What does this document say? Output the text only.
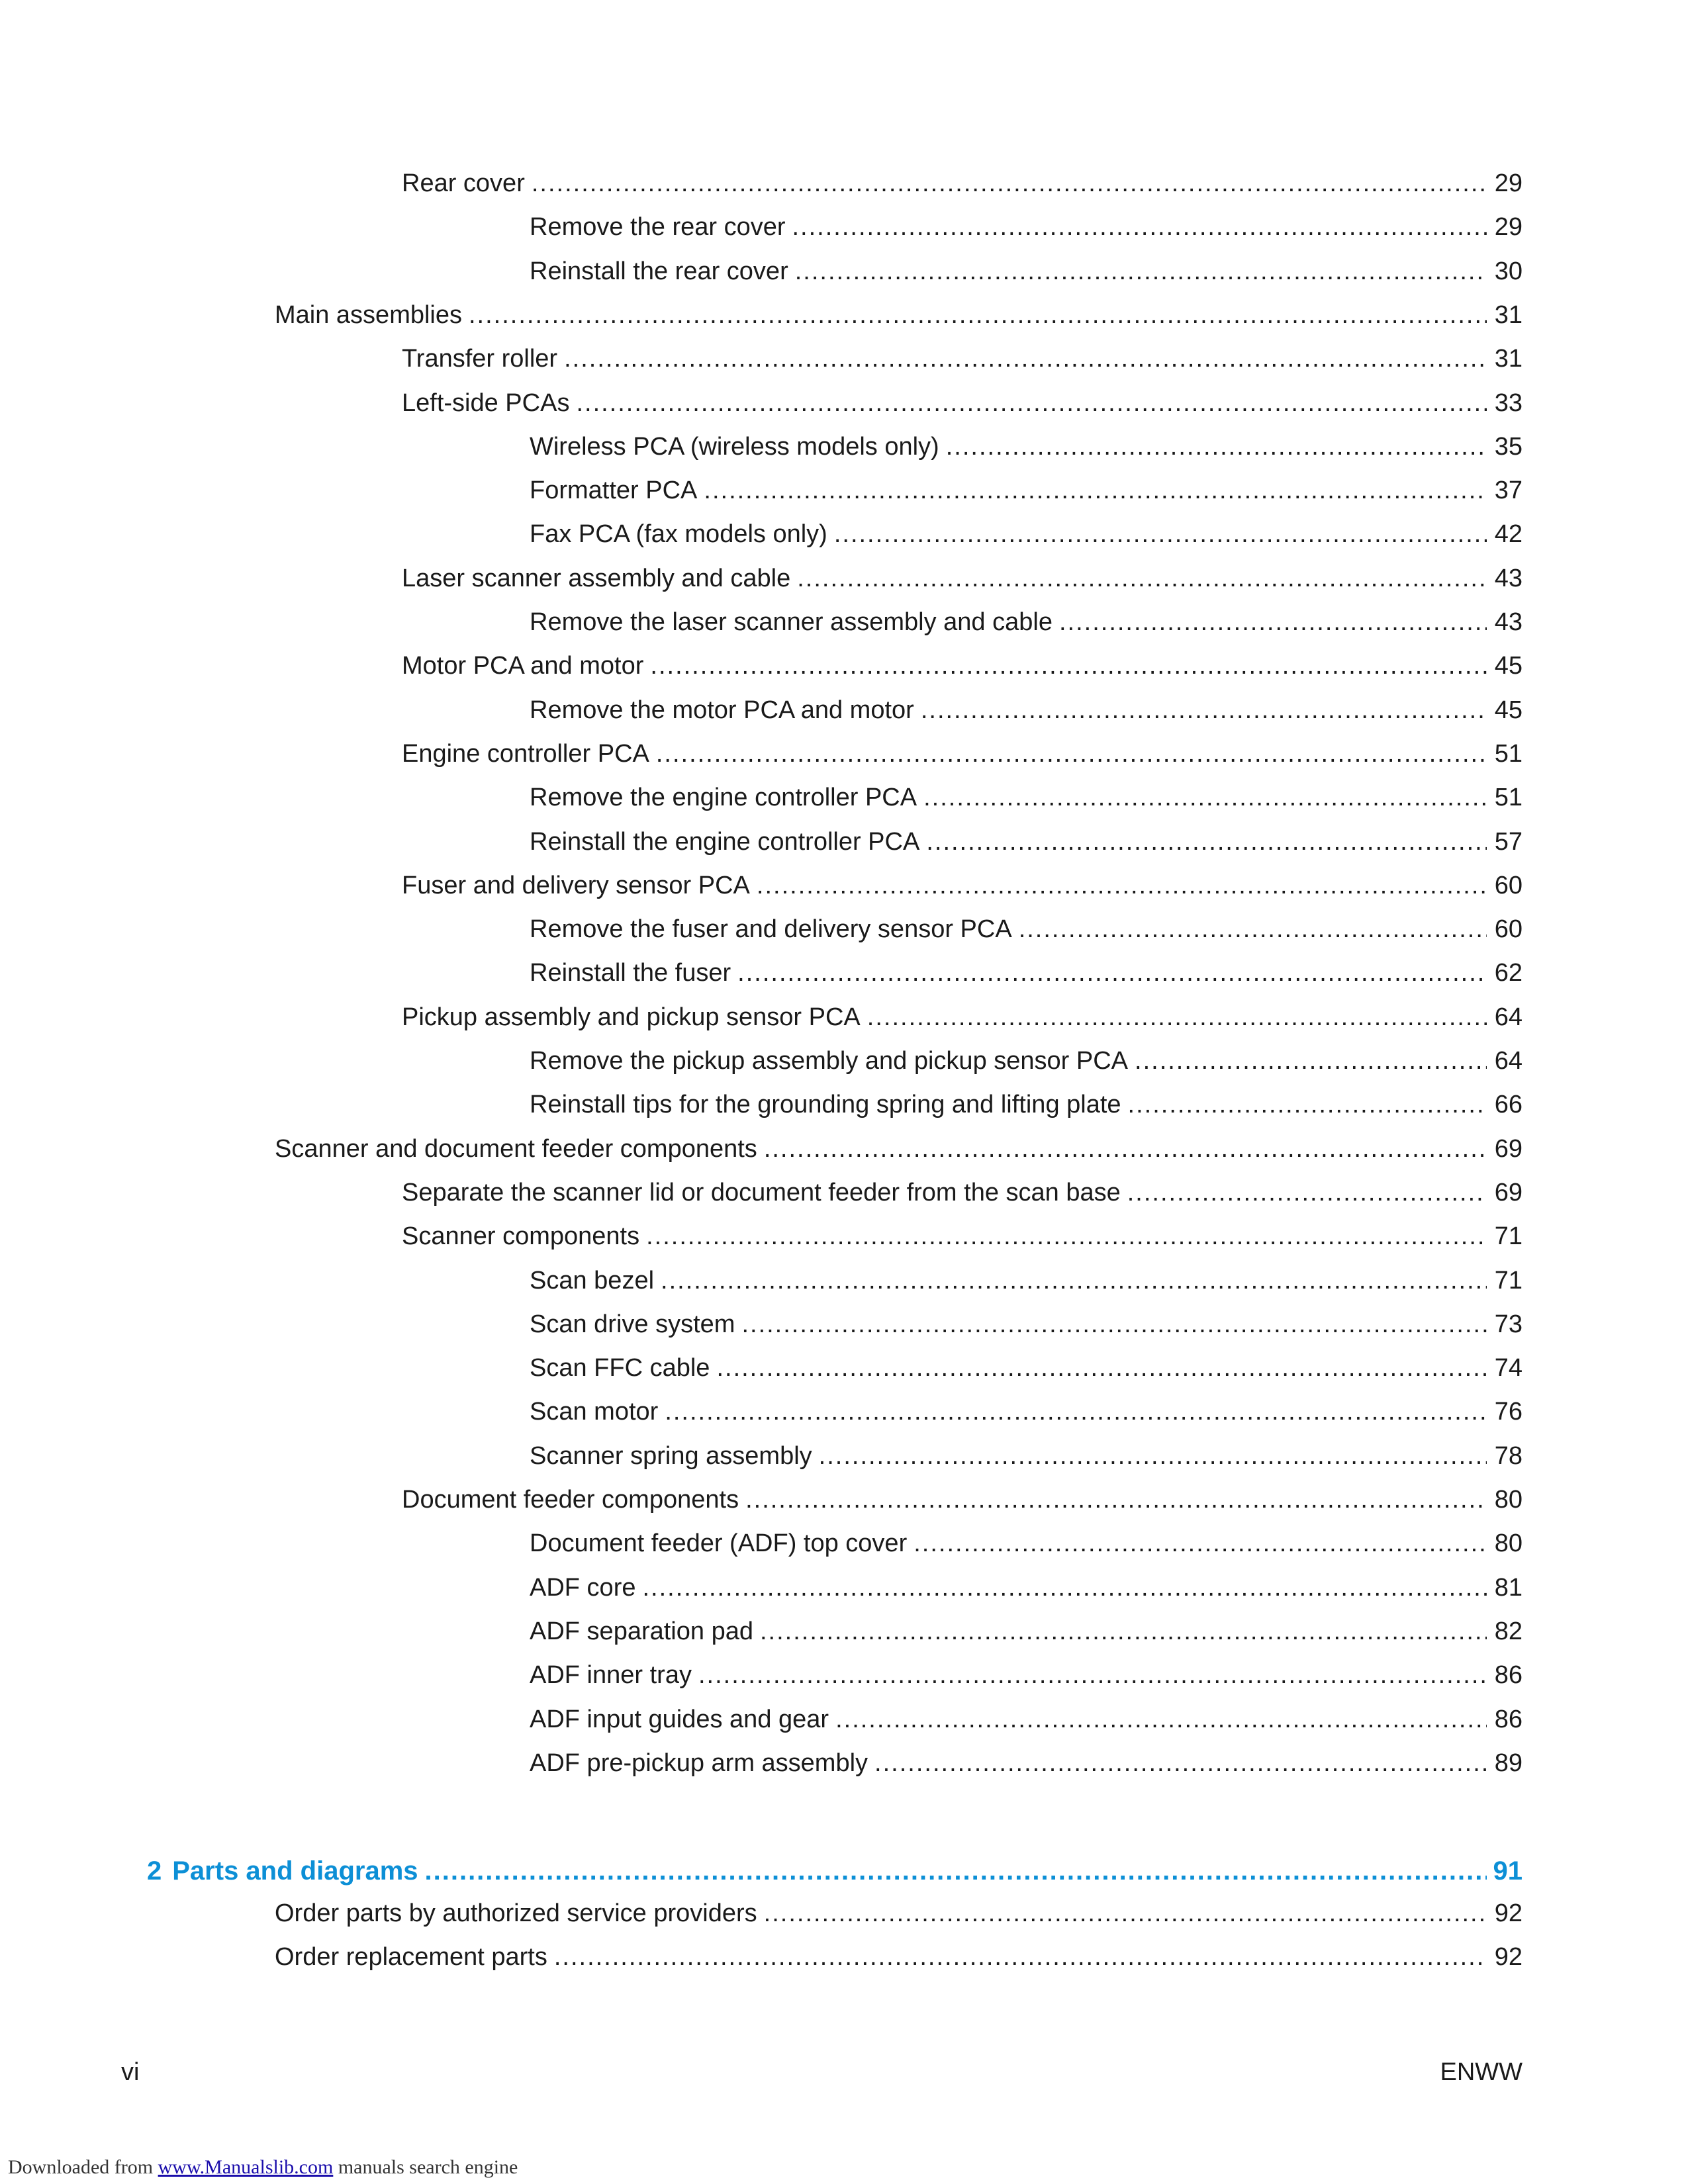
Rear cover .....	29
Remove the rear cover .....	29
Reinstall the rear cover .....	30
Main assemblies .....	31
Transfer roller .....	31
Left-side PCAs .....	33
Wireless PCA (wireless models only) .....	35
Formatter PCA .....	37
Fax PCA (fax models only) .....	42
Laser scanner assembly and cable .....	43
Remove the laser scanner assembly and cable .....	43
Motor PCA and motor .....	45
Remove the motor PCA and motor .....	45
Engine controller PCA .....	51
Remove the engine controller PCA .....	51
Reinstall the engine controller PCA .....	57
Fuser and delivery sensor PCA .....	60
Remove the fuser and delivery sensor PCA .....	60
Reinstall the fuser .....	62
Pickup assembly and pickup sensor PCA .....	64
Remove the pickup assembly and pickup sensor PCA .....	64
Reinstall tips for the grounding spring and lifting plate .....	66
Scanner and document feeder components .....	69
Separate the scanner lid or document feeder from the scan base .....	69
Scanner components .....	71
Scan bezel .....	71
Scan drive system .....	73
Scan FFC cable .....	74
Scan motor .....	76
Scanner spring assembly .....	78
Document feeder components .....	80
Document feeder (ADF) top cover .....	80
ADF core .....	81
ADF separation pad .....	82
ADF inner tray .....	86
ADF input guides and gear .....	86
ADF pre-pickup arm assembly .....	89
2 Parts and diagrams .....	91
Order parts by authorized service providers .....	92
Order replacement parts .....	92
vi	ENWW
Downloaded from www.Manualslib.com manuals search engine
